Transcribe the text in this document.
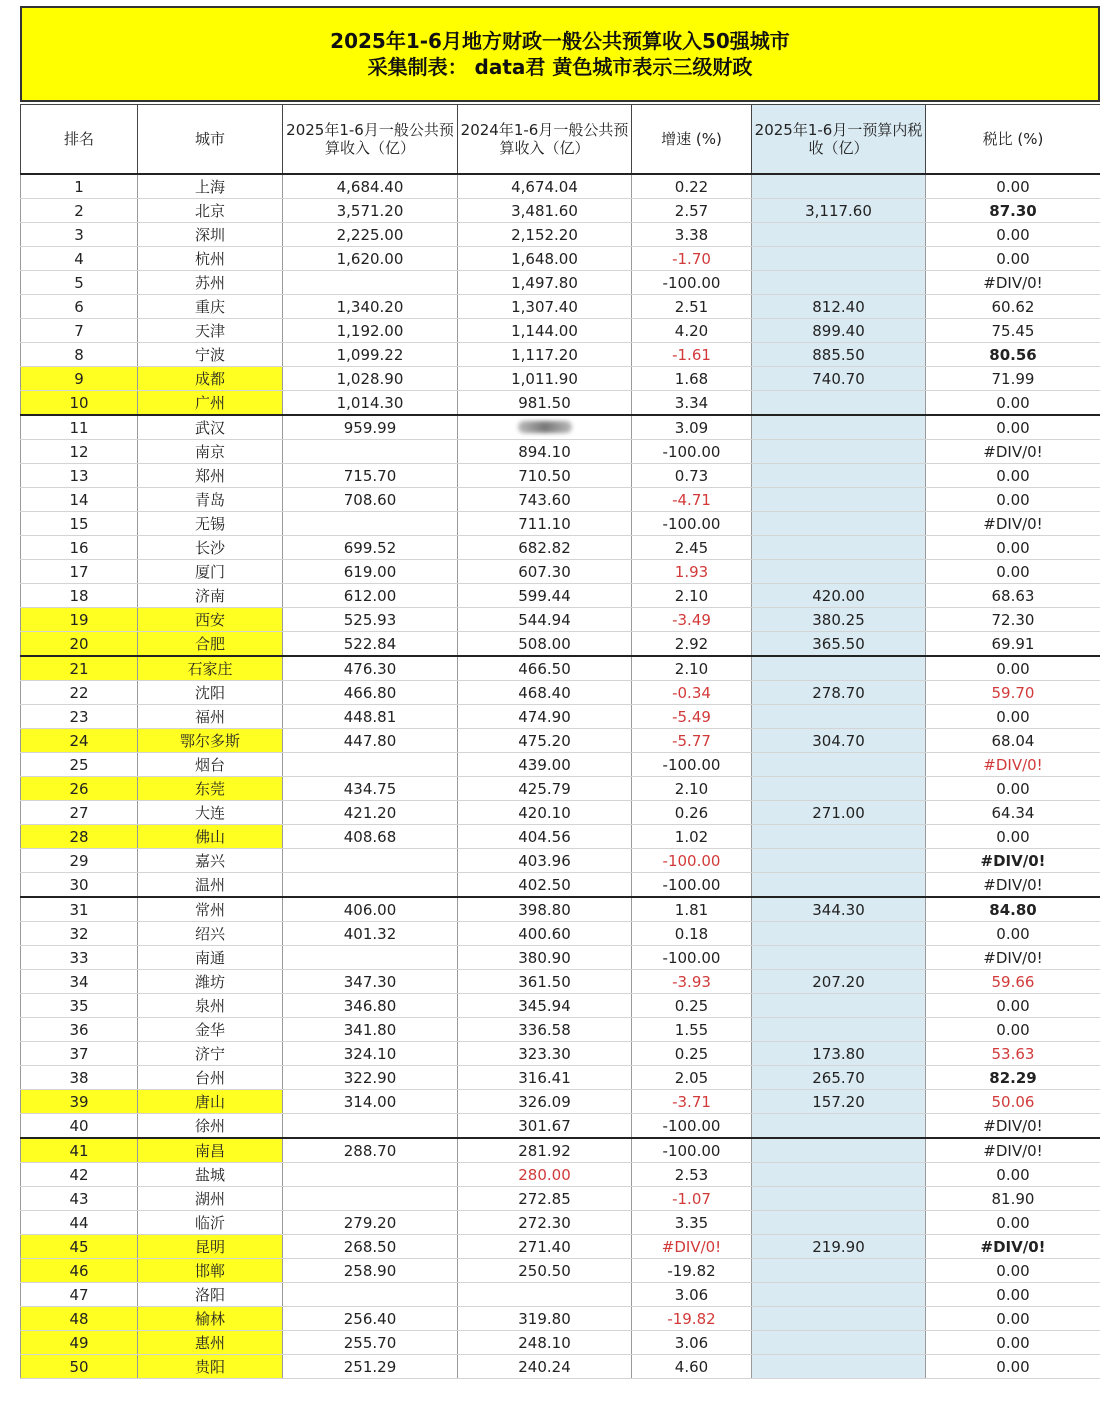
2025年1-6月地方财政一般公共预算收入50强城市
采集制表： data君 黄色城市表示三级财政
排名	城市	2025年1-6月一般公共预算收入（亿）	2024年1-6月一般公共预算收入（亿）	增速 (%)	2025年1-6月一预算内税收（亿）	税比 (%)
1	上海	4,684.40	4,674.04	0.22		0.00
2	北京	3,571.20	3,481.60	2.57	3,117.60	87.30
3	深圳	2,225.00	2,152.20	3.38		0.00
4	杭州	1,620.00	1,648.00	-1.70		0.00
5	苏州		1,497.80	-100.00		#DIV/0!
6	重庆	1,340.20	1,307.40	2.51	812.40	60.62
7	天津	1,192.00	1,144.00	4.20	899.40	75.45
8	宁波	1,099.22	1,117.20	-1.61	885.50	80.56
9	成都	1,028.90	1,011.90	1.68	740.70	71.99
10	广州	1,014.30	981.50	3.34		0.00
11	武汉	959.99		3.09		0.00
12	南京		894.10	-100.00		#DIV/0!
13	郑州	715.70	710.50	0.73		0.00
14	青岛	708.60	743.60	-4.71		0.00
15	无锡		711.10	-100.00		#DIV/0!
16	长沙	699.52	682.82	2.45		0.00
17	厦门	619.00	607.30	1.93		0.00
18	济南	612.00	599.44	2.10	420.00	68.63
19	西安	525.93	544.94	-3.49	380.25	72.30
20	合肥	522.84	508.00	2.92	365.50	69.91
21	石家庄	476.30	466.50	2.10		0.00
22	沈阳	466.80	468.40	-0.34	278.70	59.70
23	福州	448.81	474.90	-5.49		0.00
24	鄂尔多斯	447.80	475.20	-5.77	304.70	68.04
25	烟台		439.00	-100.00		#DIV/0!
26	东莞	434.75	425.79	2.10		0.00
27	大连	421.20	420.10	0.26	271.00	64.34
28	佛山	408.68	404.56	1.02		0.00
29	嘉兴		403.96	-100.00		#DIV/0!
30	温州		402.50	-100.00		#DIV/0!
31	常州	406.00	398.80	1.81	344.30	84.80
32	绍兴	401.32	400.60	0.18		0.00
33	南通		380.90	-100.00		#DIV/0!
34	潍坊	347.30	361.50	-3.93	207.20	59.66
35	泉州	346.80	345.94	0.25		0.00
36	金华	341.80	336.58	1.55		0.00
37	济宁	324.10	323.30	0.25	173.80	53.63
38	台州	322.90	316.41	2.05	265.70	82.29
39	唐山	314.00	326.09	-3.71	157.20	50.06
40	徐州		301.67	-100.00		#DIV/0!
41	南昌	288.70	281.92	-100.00		#DIV/0!
42	盐城		280.00	2.53		0.00
43	湖州		272.85	-1.07		81.90
44	临沂	279.20	272.30	3.35		0.00
45	昆明	268.50	271.40	#DIV/0!	219.90	#DIV/0!
46	邯郸	258.90	250.50	-19.82		0.00
47	洛阳			3.06		0.00
48	榆林	256.40	319.80	-19.82		0.00
49	惠州	255.70	248.10	3.06		0.00
50	贵阳	251.29	240.24	4.60		0.00
